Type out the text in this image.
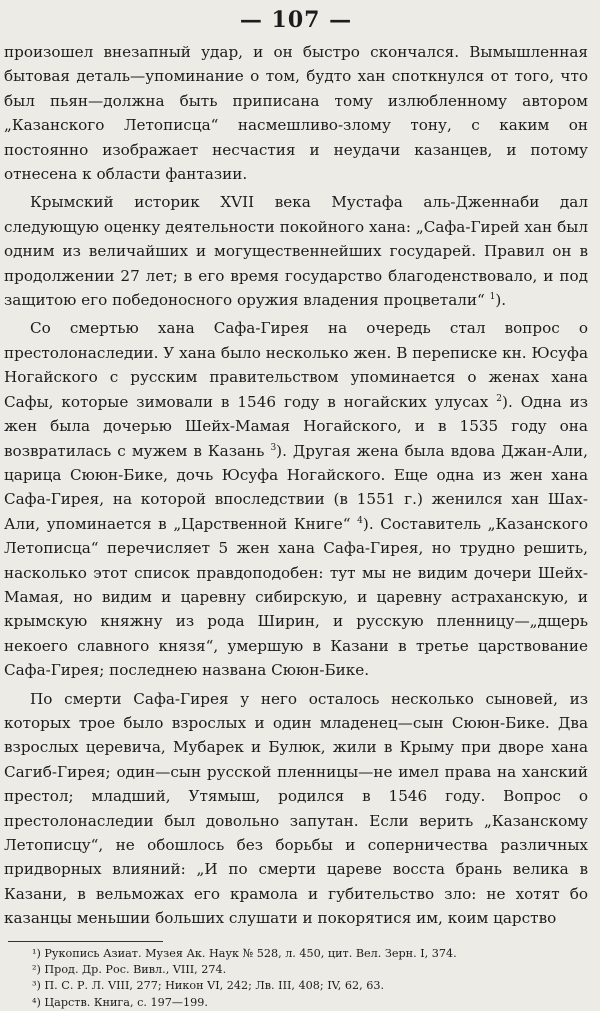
— 107 —

произошел внезапный удар, и он быстро скончался. Вымышленная бытовая деталь—упоминание о том, будто хан споткнулся от того, что был пьян—должна быть приписана тому излюбленному автором „Казанского Летописца“ насмешливо-злому тону, с каким он постоянно изображает несчастия и неудачи казанцев, и потому отнесена к области фантазии.

Крымский историк XVII века Мустафа аль-Дженнаби дал следующую оценку деятельности покойного хана: „Сафа-Гирей хан был одним из величайших и могущественнейших государей. Правил он в продолжении 27 лет; в его время государство благоденствовало, и под защитою его победоносного оружия владения процветали“ $^1$).

Со смертью хана Сафа-Гирея на очередь стал вопрос о престолонаследии. У хана было несколько жен. В переписке кн. Юсуфа Ногайского с русским правительством упоминается о женах хана Сафы, которые зимовали в 1546 году в ногайских улусах $^2$). Одна из жен была дочерью Шейх-Мамая Ногайского, и в 1535 году она возвратилась с мужем в Казань $^3$). Другая жена была вдова Джан-Али, царица Сююн-Бике, дочь Юсуфа Ногайского. Еще одна из жен хана Сафа-Гирея, на которой впоследствии (в 1551 г.) женился хан Шах-Али, упоминается в „Царственной Книге“ $^4$). Составитель „Казанского Летописца“ перечисляет 5 жен хана Сафа-Гирея, но трудно решить, насколько этот список правдоподобен: тут мы не видим дочери Шейх-Мамая, но видим и царевну сибирскую, и царевну астраханскую, и крымскую княжну из рода Ширин, и русскую пленницу—„дщерь некоего славного князя“, умершую в Казани в третье царствование Сафа-Гирея; последнею названа Сююн-Бике.

По смерти Сафа-Гирея у него осталось несколько сыновей, из которых трое было взрослых и один младенец—сын Сююн-Бике. Два взрослых церевича, Мубарек и Булюк, жили в Крыму при дворе хана Сагиб-Гирея; один—сын русской пленницы—не имел права на ханский престол; младший, Утямыш, родился в 1546 году. Вопрос о престолонаследии был довольно запутан. Если верить „Казанскому Летописцу“, не обошлось без борьбы и соперничества различных придворных влияний: „И по смерти цареве восста брань велика в Казани, в вельможах его крамола и губительство зло: не хотят бо казанцы меньшии больших слушати и покорятися им, коим царство

¹) Рукопись Азиат. Музея Ак. Наук № 528, л. 450, цит. Вел. Зерн. I, 374.

²) Прод. Др. Рос. Вивл., VIII, 274.

³) П. С. Р. Л. VIII, 277; Никон VI, 242; Лв. III, 408; IV, 62, 63.

⁴) Царств. Книга, с. 197—199.
